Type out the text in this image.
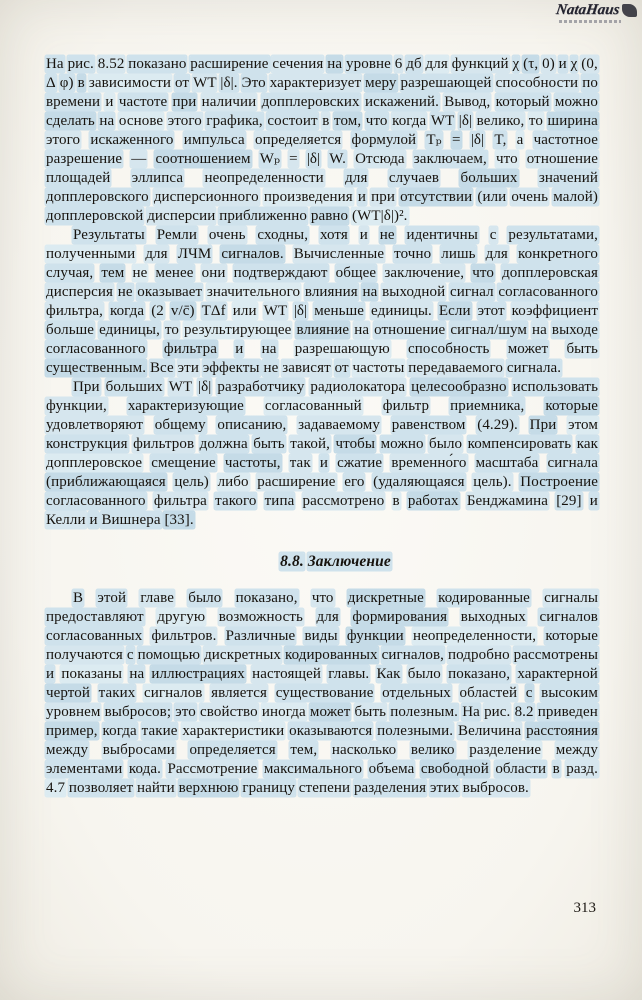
NataHaus

На рис. 8.52 показано расширение сечения на уровне 6 дб для функций χ (τ, 0) и χ (0, Δ φ) в зависимости от WT |δ|. Это характеризует меру разрешающей способности по времени и частоте при наличии допплеровских искажений. Вывод, который можно сделать на основе этого графика, состоит в том, что когда WT |δ| велико, то ширина этого искаженного импульса определяется формулой Tₚ = |δ| T, а частотное разрешение — соотношением Wₚ = |δ| W. Отсюда заключаем, что отношение площадей эллипса неопределенности для случаев больших значений допплеровского дисперсионного произведения и при отсутствии (или очень малой) допплеровской дисперсии приближенно равно (WT|δ|)².

Результаты Ремли очень сходны, хотя и не идентичны с результатами, полученными для ЛЧМ сигналов. Вычисленные точно лишь для конкретного случая, тем не менее они подтверждают общее заключение, что допплеровская дисперсия не оказывает значительного влияния на выходной сигнал согласованного фильтра, когда (2 v/c̄) TΔf или WT |δ| меньше единицы. Если этот коэффициент больше единицы, то результирующее влияние на отношение сигнал/шум на выходе согласованного фильтра и на разрешающую способность может быть существенным. Все эти эффекты не зависят от частоты передаваемого сигнала.

При больших WT |δ| разработчику радиолокатора целесообразно использовать функции, характеризующие согласованный фильтр приемника, которые удовлетворяют общему описанию, задаваемому равенством (4.29). При этом конструкция фильтров должна быть такой, чтобы можно было компенсировать как допплеровское смещение частоты, так и сжатие временно́го масштаба сигнала (приближающаяся цель) либо расширение его (удаляющаяся цель). Построение согласованного фильтра такого типа рассмотрено в работах Бенджамина [29] и Келли и Вишнера [33].

8.8. Заключение

В этой главе было показано, что дискретные кодированные сигналы предоставляют другую возможность для формирования выходных сигналов согласованных фильтров. Различные виды функции неопределенности, которые получаются с помощью дискретных кодированных сигналов, подробно рассмотрены и показаны на иллюстрациях настоящей главы. Как было показано, характерной чертой таких сигналов является существование отдельных областей с высоким уровнем выбросов; это свойство иногда может быть полезным. На рис. 8.2 приведен пример, когда такие характеристики оказываются полезными. Величина расстояния между выбросами определяется тем, насколько велико разделение между элементами кода. Рассмотрение максимального объема свободной области в разд. 4.7 позволяет найти верхнюю границу степени разделения этих выбросов.

313
